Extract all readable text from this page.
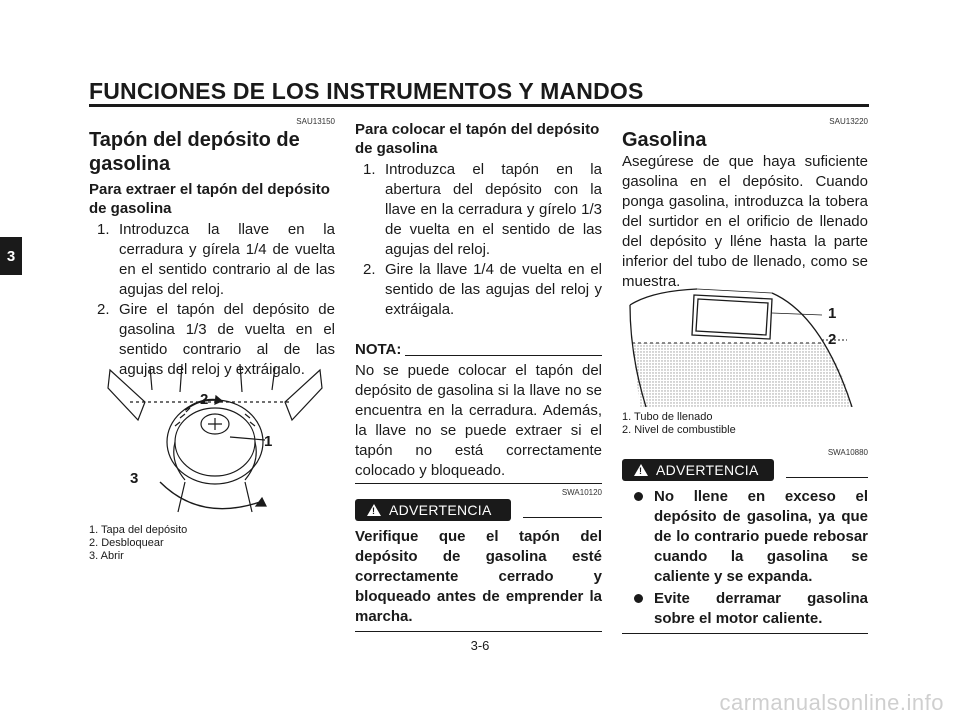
FUNCIONES DE LOS INSTRUMENTOS Y MANDOS
3
SAU13150
Tapón del depósito de gasolina
Para extraer el tapón del depósito de gasolina
1. Introduzca la llave en la cerradura y gírela 1/4 de vuelta en el sentido contrario al de las agujas del reloj.
2. Gire el tapón del depósito de gasolina 1/3 de vuelta en el sentido contrario al de las agujas del reloj y extráigalo.
2
1
3
1. Tapa del depósito
2. Desbloquear
3. Abrir
Para colocar el tapón del depósito de gasolina
1. Introduzca el tapón en la abertura del depósito con la llave en la cerradura y gírelo 1/3 de vuelta en el sentido de las agujas del reloj.
2. Gire la llave 1/4 de vuelta en el sentido de las agujas del reloj y extráigala.
NOTA:
No se puede colocar el tapón del depósito de gasolina si la llave no se encuentra en la cerradura. Además, la llave no se puede extraer si el tapón no está correctamente colocado y bloqueado.
SWA10120
! ADVERTENCIA
Verifique que el tapón del depósito de gasolina esté correctamente cerrado y bloqueado antes de emprender la marcha.
SAU13220
Gasolina
Asegúrese de que haya suficiente gasolina en el depósito. Cuando ponga gasolina, introduzca la tobera del surtidor en el orificio de llenado del depósito y lléne hasta la parte inferior del tubo de llenado, como se muestra.
1
2
1. Tubo de llenado
2. Nivel de combustible
SWA10880
! ADVERTENCIA
No llene en exceso el depósito de gasolina, ya que de lo contrario puede rebosar cuando la gasolina se caliente y se expanda.
Evite derramar gasolina sobre el motor caliente.
3-6
carmanualsonline.info
